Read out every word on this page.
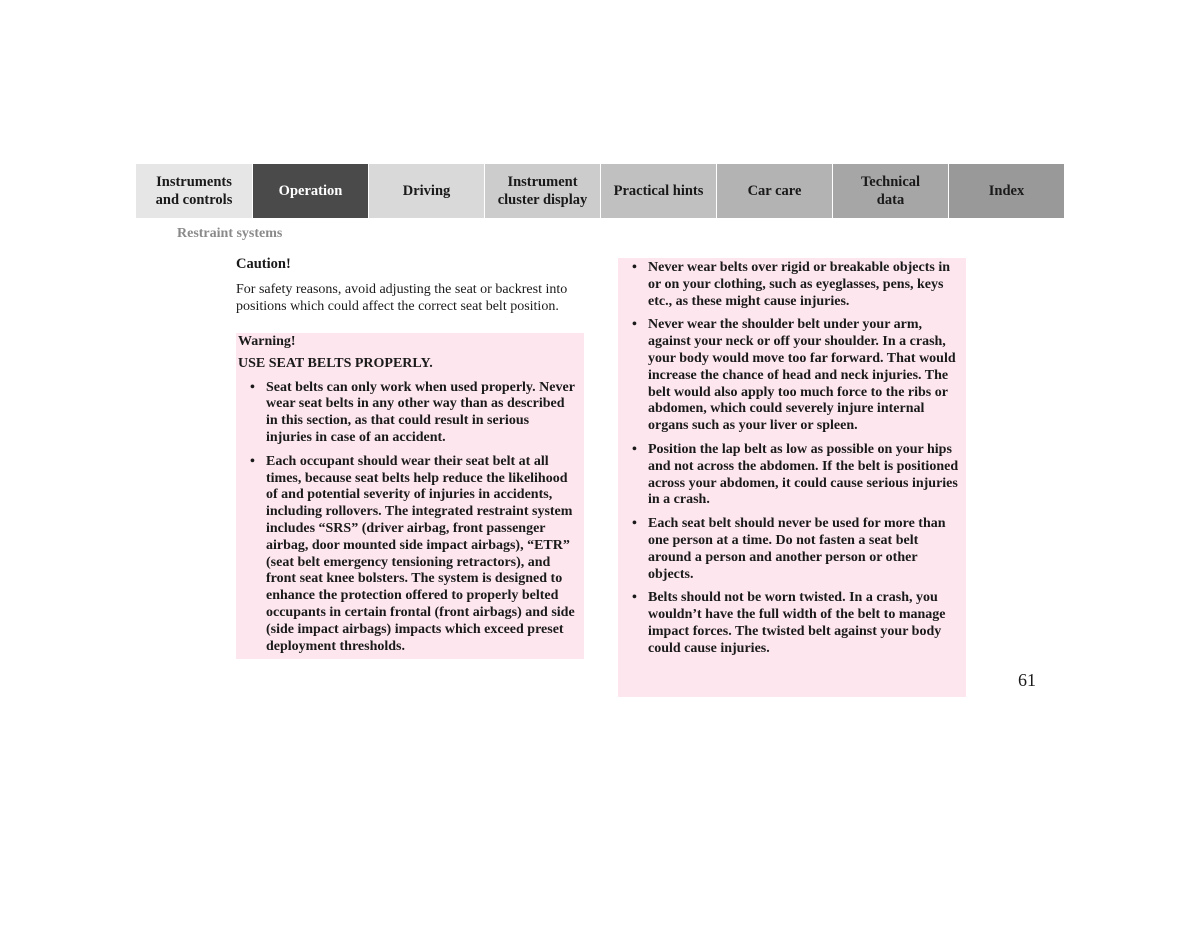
Instruments
and controls
Operation	Driving
Instrument
cluster display
Practical hints	Car care
Technical
data
Index
Restraint systems

Caution!

For safety reasons, avoid adjusting the seat or backrest into positions which could affect the correct seat belt position.

Warning!

USE SEAT BELTS PROPERLY.

• Seat belts can only work when used properly. Never wear seat belts in any other way than as described in this section, as that could result in serious injuries in case of an accident.
• Each occupant should wear their seat belt at all times, because seat belts help reduce the likelihood of and potential severity of injuries in accidents, including rollovers. The integrated restraint system includes “SRS” (driver airbag, front passenger airbag, door mounted side impact airbags), “ETR” (seat belt emergency tensioning retractors), and front seat knee bolsters. The system is designed to enhance the protection offered to properly belted occupants in certain frontal (front airbags) and side (side impact airbags) impacts which exceed preset deployment thresholds.
• Never wear belts over rigid or breakable objects in or on your clothing, such as eyeglasses, pens, keys etc., as these might cause injuries.
• Never wear the shoulder belt under your arm, against your neck or off your shoulder. In a crash, your body would move too far forward. That would increase the chance of head and neck injuries. The belt would also apply too much force to the ribs or abdomen, which could severely injure internal organs such as your liver or spleen.
• Position the lap belt as low as possible on your hips and not across the abdomen. If the belt is positioned across your abdomen, it could cause serious injuries in a crash.
• Each seat belt should never be used for more than one person at a time. Do not fasten a seat belt around a person and another person or other objects.
• Belts should not be worn twisted. In a crash, you wouldn’t have the full width of the belt to manage impact forces. The twisted belt against your body could cause injuries.
61
